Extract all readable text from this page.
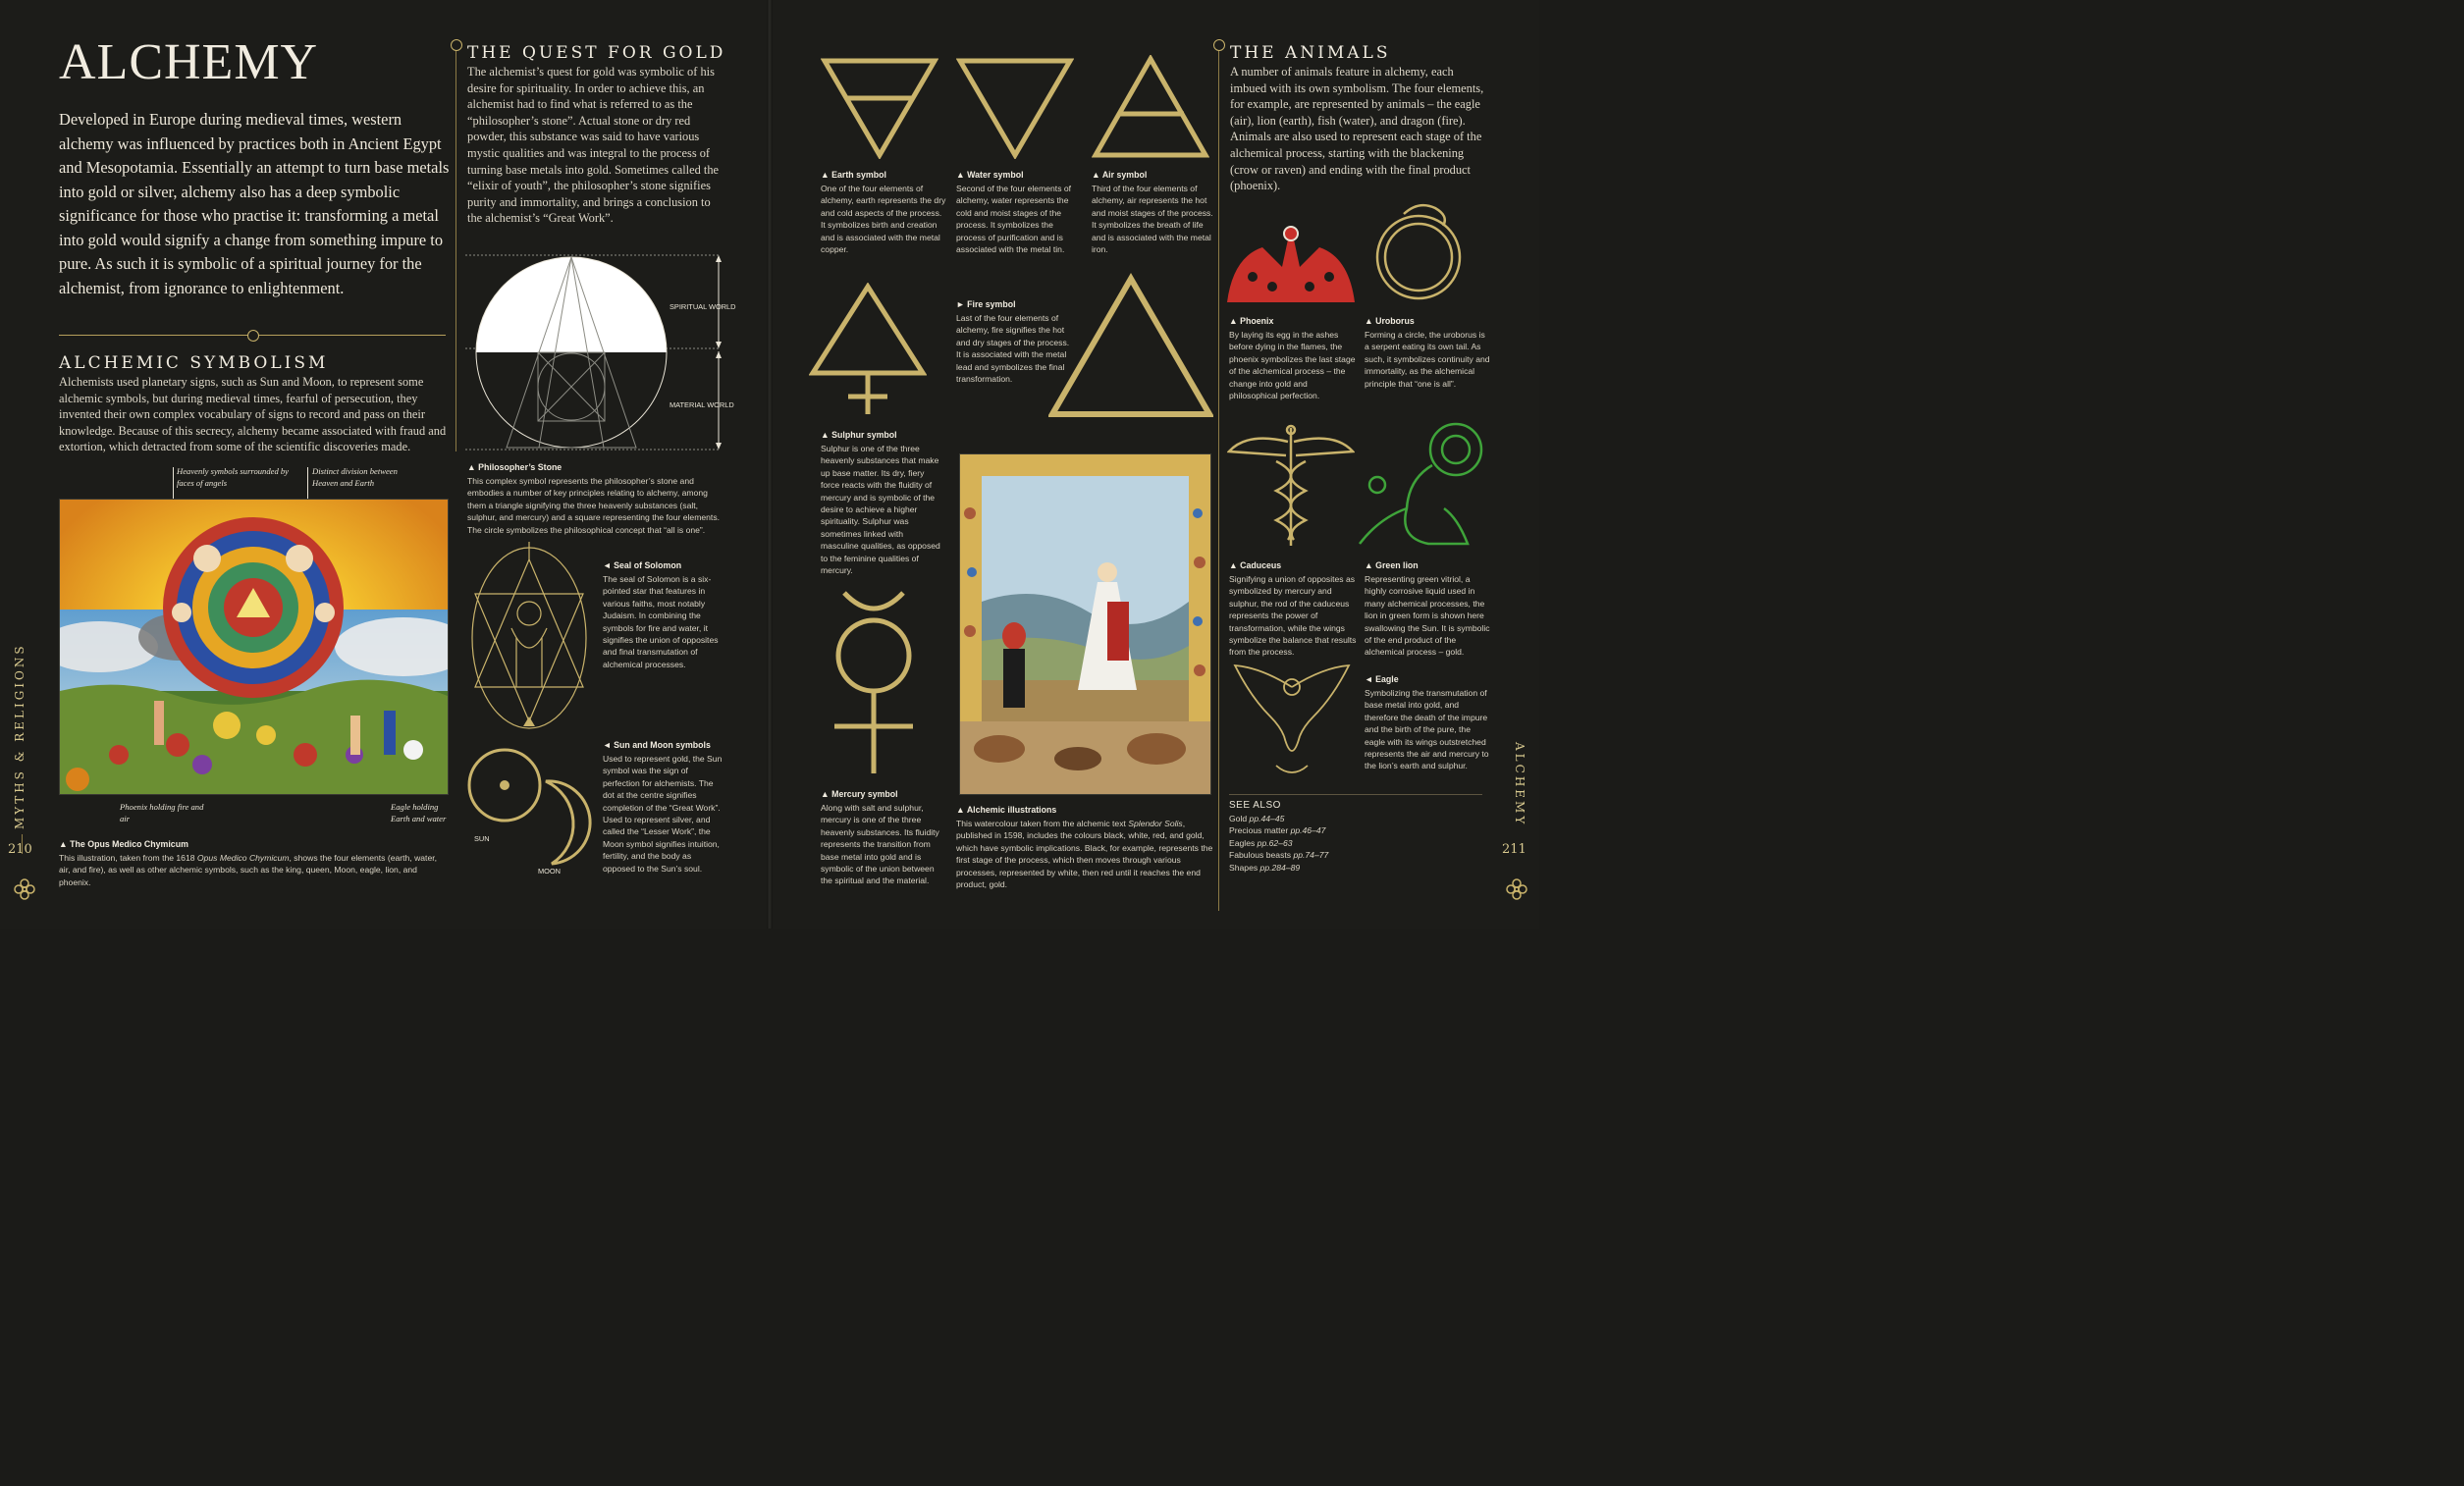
ALCHEMY
Developed in Europe during medieval times, western alchemy was influenced by practices both in Ancient Egypt and Mesopotamia. Essentially an attempt to turn base metals into gold or silver, alchemy also has a deep symbolic significance for those who practise it: transforming a metal into gold would signify a change from something impure to pure. As such it is symbolic of a spiritual journey for the alchemist, from ignorance to enlightenment.
ALCHEMIC SYMBOLISM
Alchemists used planetary signs, such as Sun and Moon, to represent some alchemic symbols, but during medieval times, fearful of persecution, they invented their own complex vocabulary of signs to record and pass on their knowledge. Because of this secrecy, alchemy became associated with fraud and extortion, which detracted from some of the scientific discoveries made.
Heavenly symbols surrounded by faces of angels
Distinct division between Heaven and Earth
Phoenix holding fire and air
Eagle holding Earth and water
▲ The Opus Medico Chymicum
This illustration, taken from the 1618 Opus Medico Chymicum, shows the four elements (earth, water, air, and fire), as well as other alchemic symbols, such as the king, queen, Moon, eagle, lion, and phoenix.
MYTHS & RELIGIONS
210
THE QUEST FOR GOLD
The alchemist’s quest for gold was symbolic of his desire for spirituality. In order to achieve this, an alchemist had to find what is referred to as the “philosopher’s stone”. Actual stone or dry red powder, this substance was said to have various mystic qualities and was integral to the process of turning base metals into gold. Sometimes called the “elixir of youth”, the philosopher’s stone signifies purity and immortality, and brings a conclusion to the alchemist’s “Great Work”.
SPIRITUAL WORLD
MATERIAL WORLD
▲ Philosopher’s Stone
This complex symbol represents the philosopher’s stone and embodies a number of key principles relating to alchemy, among them a triangle signifying the three heavenly substances (salt, sulphur, and mercury) and a square representing the four elements. The circle symbolizes the philosophical concept that “all is one”.
◄ Seal of Solomon
The seal of Solomon is a six-pointed star that features in various faiths, most notably Judaism. In combining the symbols for fire and water, it signifies the union of opposites and final transmutation of alchemical processes.
SUN
MOON
◄ Sun and Moon symbols
Used to represent gold, the Sun symbol was the sign of perfection for alchemists. The dot at the centre signifies completion of the “Great Work”. Used to represent silver, and called the “Lesser Work”, the Moon symbol signifies intuition, fertility, and the body as opposed to the Sun’s soul.
▲ Earth symbol
One of the four elements of alchemy, earth represents the dry and cold aspects of the process. It symbolizes birth and creation and is associated with the metal copper.
▲ Water symbol
Second of the four elements of alchemy, water represents the cold and moist stages of the process. It symbolizes the process of purification and is associated with the metal tin.
▲ Air symbol
Third of the four elements of alchemy, air represents the hot and moist stages of the process. It symbolizes the breath of life and is associated with the metal iron.
► Fire symbol
Last of the four elements of alchemy, fire signifies the hot and dry stages of the process. It is associated with the metal lead and symbolizes the final transformation.
▲ Sulphur symbol
Sulphur is one of the three heavenly substances that make up base matter. Its dry, fiery force reacts with the fluidity of mercury and is symbolic of the desire to achieve a higher spirituality. Sulphur was sometimes linked with masculine qualities, as opposed to the feminine qualities of mercury.
▲ Mercury symbol
Along with salt and sulphur, mercury is one of the three heavenly substances. Its fluidity represents the transition from base metal into gold and is symbolic of the union between the spiritual and the material.
▲ Alchemic illustrations
This watercolour taken from the alchemic text Splendor Solis, published in 1598, includes the colours black, white, red, and gold, which have symbolic implications. Black, for example, represents the first stage of the process, which then moves through various processes, represented by white, then red until it reaches the end product, gold.
THE ANIMALS
A number of animals feature in alchemy, each imbued with its own symbolism. The four elements, for example, are represented by animals – the eagle (air), lion (earth), fish (water), and dragon (fire). Animals are also used to represent each stage of the alchemical process, starting with the blackening (crow or raven) and ending with the final product (phoenix).
▲ Phoenix
By laying its egg in the ashes before dying in the flames, the phoenix symbolizes the last stage of the alchemical process – the change into gold and philosophical perfection.
▲ Uroborus
Forming a circle, the uroborus is a serpent eating its own tail. As such, it symbolizes continuity and immortality, as the alchemical principle that “one is all”.
▲ Caduceus
Signifying a union of opposites as symbolized by mercury and sulphur, the rod of the caduceus represents the power of transformation, while the wings symbolize the balance that results from the process.
▲ Green lion
Representing green vitriol, a highly corrosive liquid used in many alchemical processes, the lion in green form is shown here swallowing the Sun. It is symbolic of the end product of the alchemical process – gold.
◄ Eagle
Symbolizing the transmutation of base metal into gold, and therefore the death of the impure and the birth of the pure, the eagle with its wings outstretched represents the air and mercury to the lion’s earth and sulphur.
SEE ALSO
Gold pp.44–45
Precious matter pp.46–47
Eagles pp.62–63
Fabulous beasts pp.74–77
Shapes pp.284–89
ALCHEMY
211
